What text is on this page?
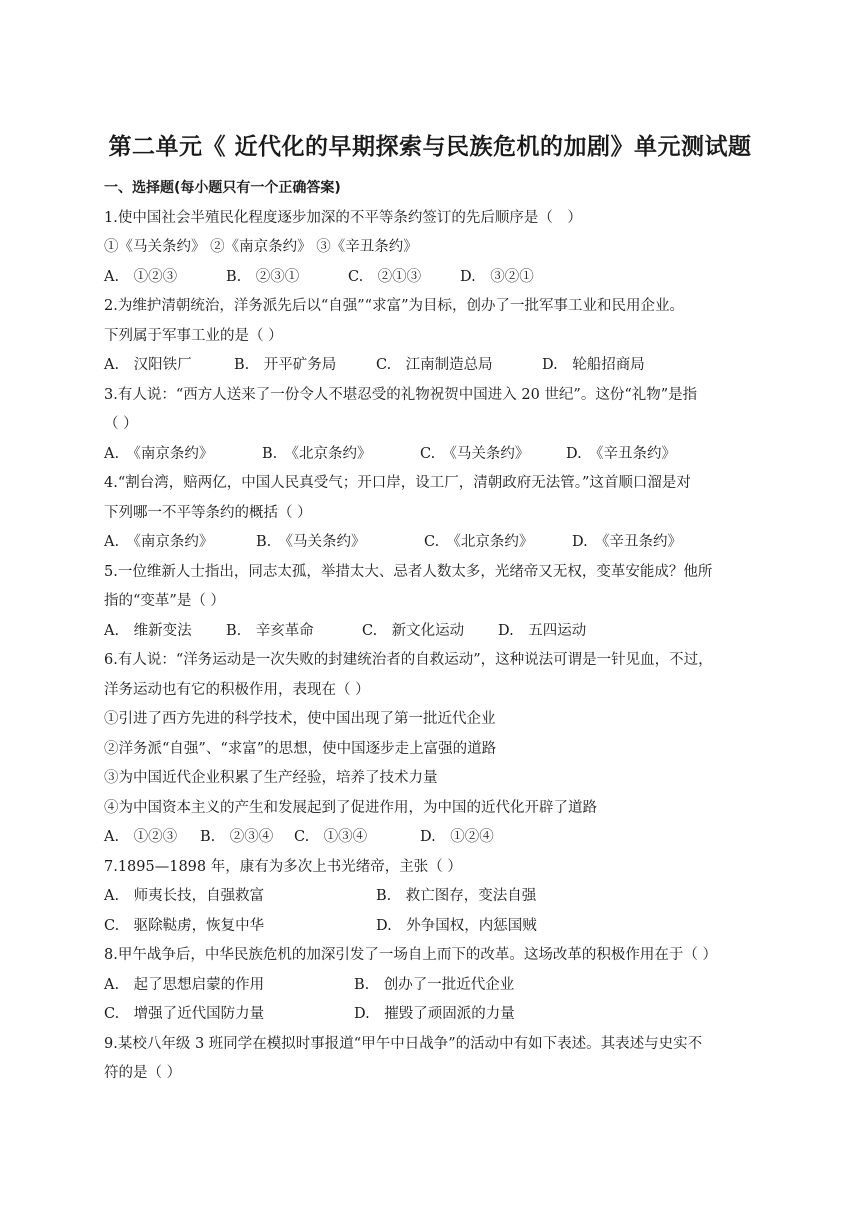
第二单元《 近代化的早期探索与民族危机的加剧》单元测试题
一、选择题(每小题只有一个正确答案)
1.使中国社会半殖民化程度逐步加深的不平等条约签订的先后顺序是（　）
①《马关条约》 ②《南京条约》 ③《辛丑条约》
A.　①②③	B.　②③①	C.　②①③	D.　③②①
2.为维护清朝统治，洋务派先后以“自强”“求富”为目标，创办了一批军事工业和民用企业。
下列属于军事工业的是（ ）
A.　汉阳铁厂	B.　开平矿务局	C.　江南制造总局	D.　轮船招商局
3.有人说：“西方人送来了一份令人不堪忍受的礼物祝贺中国进入 20 世纪”。这份“礼物”是指
（ ）
A.　《南京条约》	B.　《北京条约》	C.　《马关条约》	D.　《辛丑条约》
4.“割台湾，赔两亿，中国人民真受气；开口岸，设工厂，清朝政府无法管。”这首顺口溜是对
下列哪一不平等条约的概括（ ）
A.　《南京条约》	B.　《马关条约》	C.　《北京条约》	D.　《辛丑条约》
5.一位维新人士指出，同志太孤，举措太大、忌者人数太多，光绪帝又无权，变革安能成？他所
指的“变革”是（ ）
A.　维新变法	B.　辛亥革命	C.　新文化运动	D.　五四运动
6.有人说：“洋务运动是一次失败的封建统治者的自救运动”，这种说法可谓是一针见血，不过，
洋务运动也有它的积极作用，表现在（ ）
①引进了西方先进的科学技术，使中国出现了第一批近代企业
②洋务派“自强”、“求富”的思想，使中国逐步走上富强的道路
③为中国近代企业积累了生产经验，培养了技术力量
④为中国资本主义的产生和发展起到了促进作用，为中国的近代化开辟了道路
A.　①②③	B.　②③④	C.　①③④	D.　①②④
7.1895—1898 年，康有为多次上书光绪帝，主张（ ）
A.　师夷长技，自强救富	B.　救亡图存，变法自强
C.　驱除鞑虏，恢复中华	D.　外争国权，内惩国贼
8.甲午战争后，中华民族危机的加深引发了一场自上而下的改革。这场改革的积极作用在于（ ）
A.　起了思想启蒙的作用	B.　创办了一批近代企业
C.　增强了近代国防力量	D.　摧毁了顽固派的力量
9.某校八年级 3 班同学在模拟时事报道“甲午中日战争”的活动中有如下表述。其表述与史实不
符的是（ ）
